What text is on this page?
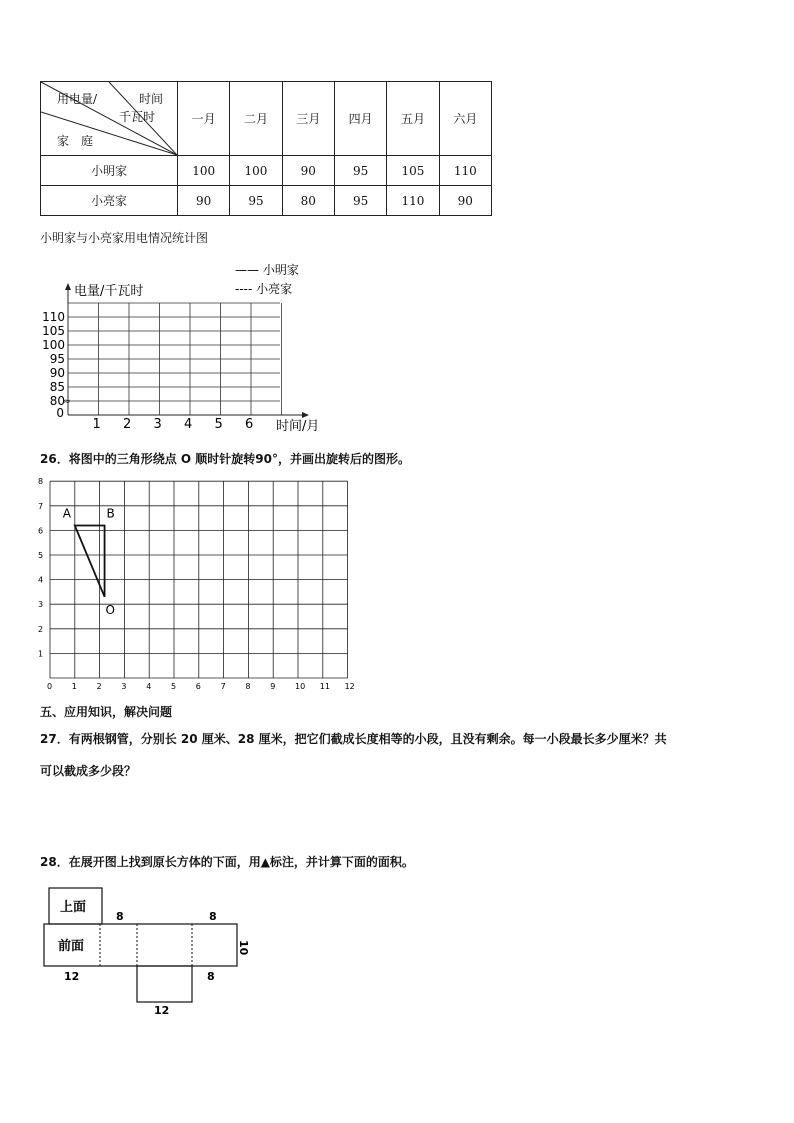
用电量/ 时间
千瓦时
家　庭	一月	二月	三月	四月	五月	六月
小明家	100	100	90	95	105	110
小亮家	90	95	80	95	110	90
小明家与小亮家用电情况统计图
电量/千瓦时
时间/月
—— 小明家
---- 小亮家
≈
80
85
90
95
100
105
110
0
1 2 3 4 5 6
26．将图中的三角形绕点 O 顺时针旋转90°，并画出旋转后的图形。
0 1 2 3 4 5 6 7 8 9 10 11 12
1
2
3
4
5
6
7
8
A	B
O
五、应用知识，解决问题
27．有两根钢管，分别长 20 厘米、28 厘米，把它们截成长度相等的小段，且没有剩余。每一小段最长多少厘米？共
可以截成多少段？
28．在展开图上找到原长方体的下面，用▲标注，并计算下面的面积。
上面
前面
8	8
10
12	8
12
